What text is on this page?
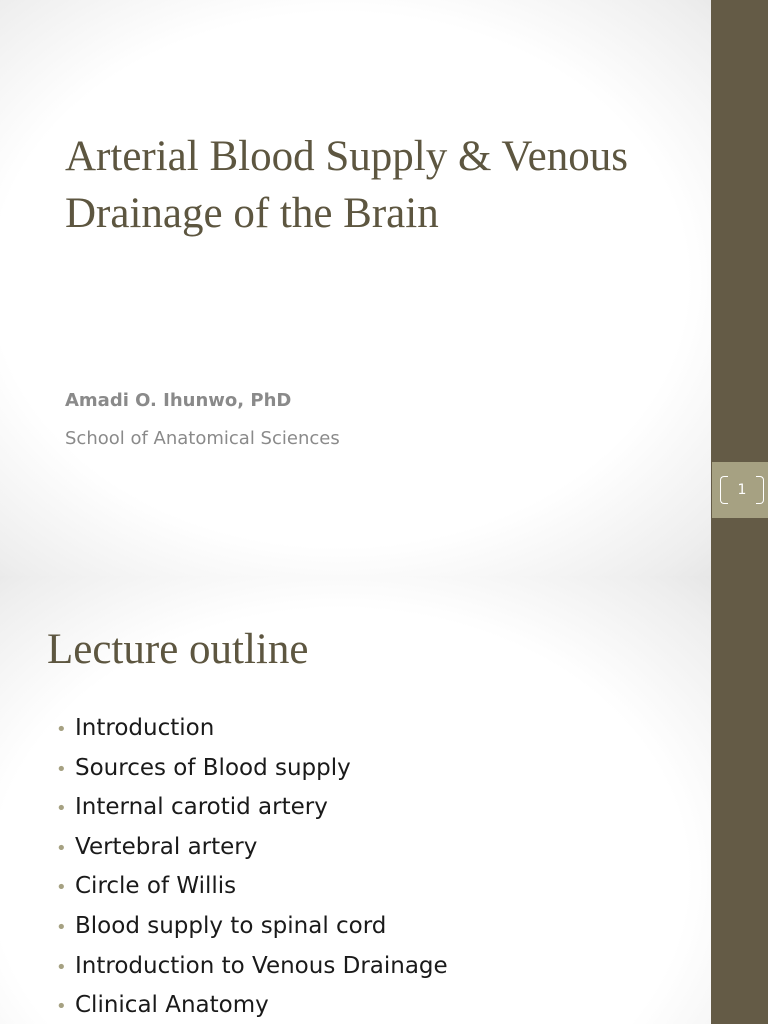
Arterial Blood Supply & Venous
Drainage of the Brain
Amadi O. Ihunwo, PhD
School of Anatomical Sciences
1
Lecture outline
• Introduction
• Sources of Blood supply
• Internal carotid artery
• Vertebral artery
• Circle of Willis
• Blood supply to spinal cord
• Introduction to Venous Drainage
• Clinical Anatomy
